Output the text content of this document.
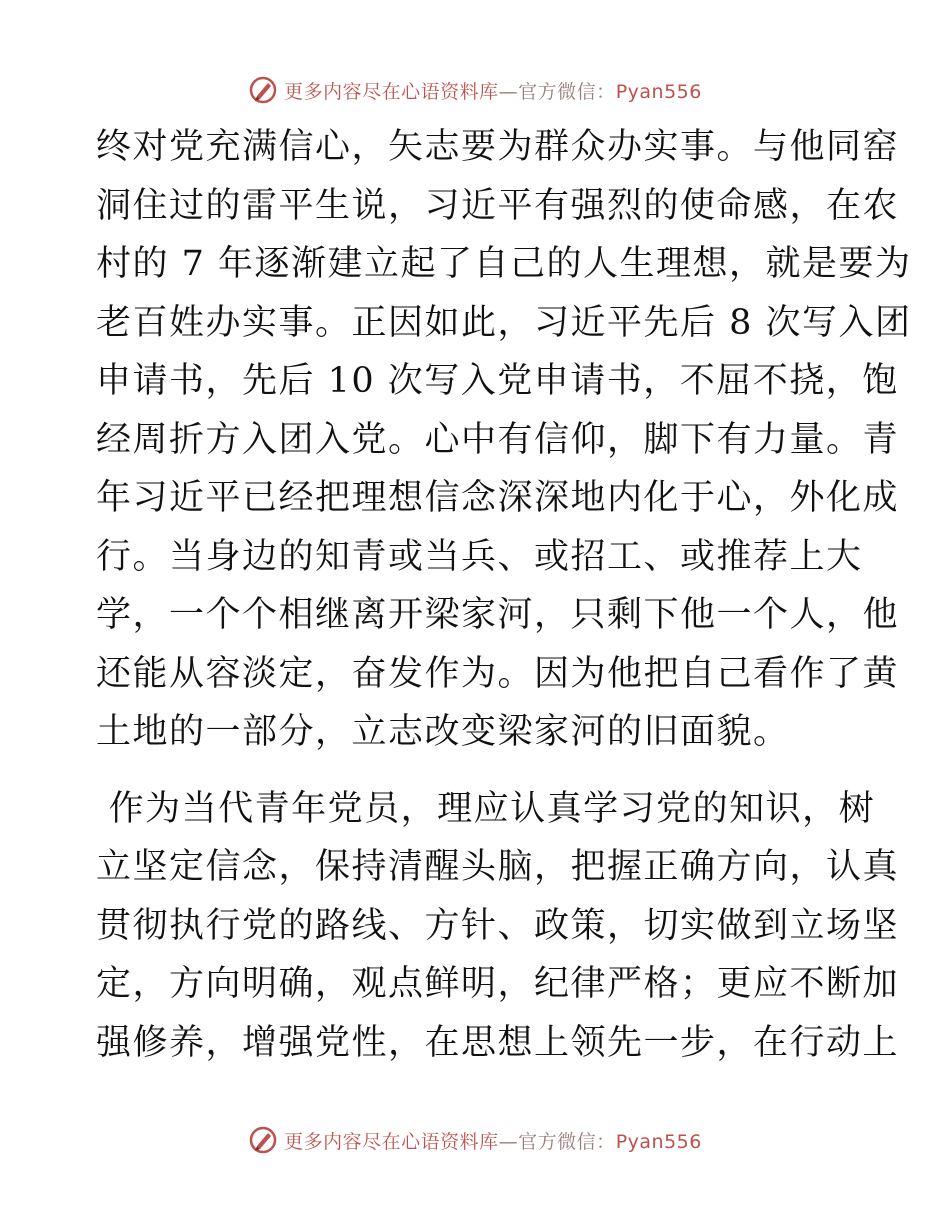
更多内容尽在心语资料库—官方微信：Pyan556
终对党充满信心，矢志要为群众办实事。与他同窑
洞住过的雷平生说，习近平有强烈的使命感，在农
村的 7 年逐渐建立起了自己的人生理想，就是要为
老百姓办实事。正因如此，习近平先后 8 次写入团
申请书，先后 10 次写入党申请书，不屈不挠，饱
经周折方入团入党。心中有信仰，脚下有力量。青
年习近平已经把理想信念深深地内化于心，外化成
行。当身边的知青或当兵、或招工、或推荐上大
学，一个个相继离开梁家河，只剩下他一个人，他
还能从容淡定，奋发作为。因为他把自己看作了黄
土地的一部分，立志改变梁家河的旧面貌。
作为当代青年党员，理应认真学习党的知识，树
立坚定信念，保持清醒头脑，把握正确方向，认真
贯彻执行党的路线、方针、政策，切实做到立场坚
定，方向明确，观点鲜明，纪律严格；更应不断加
强修养，增强党性，在思想上领先一步，在行动上
更多内容尽在心语资料库—官方微信：Pyan556
